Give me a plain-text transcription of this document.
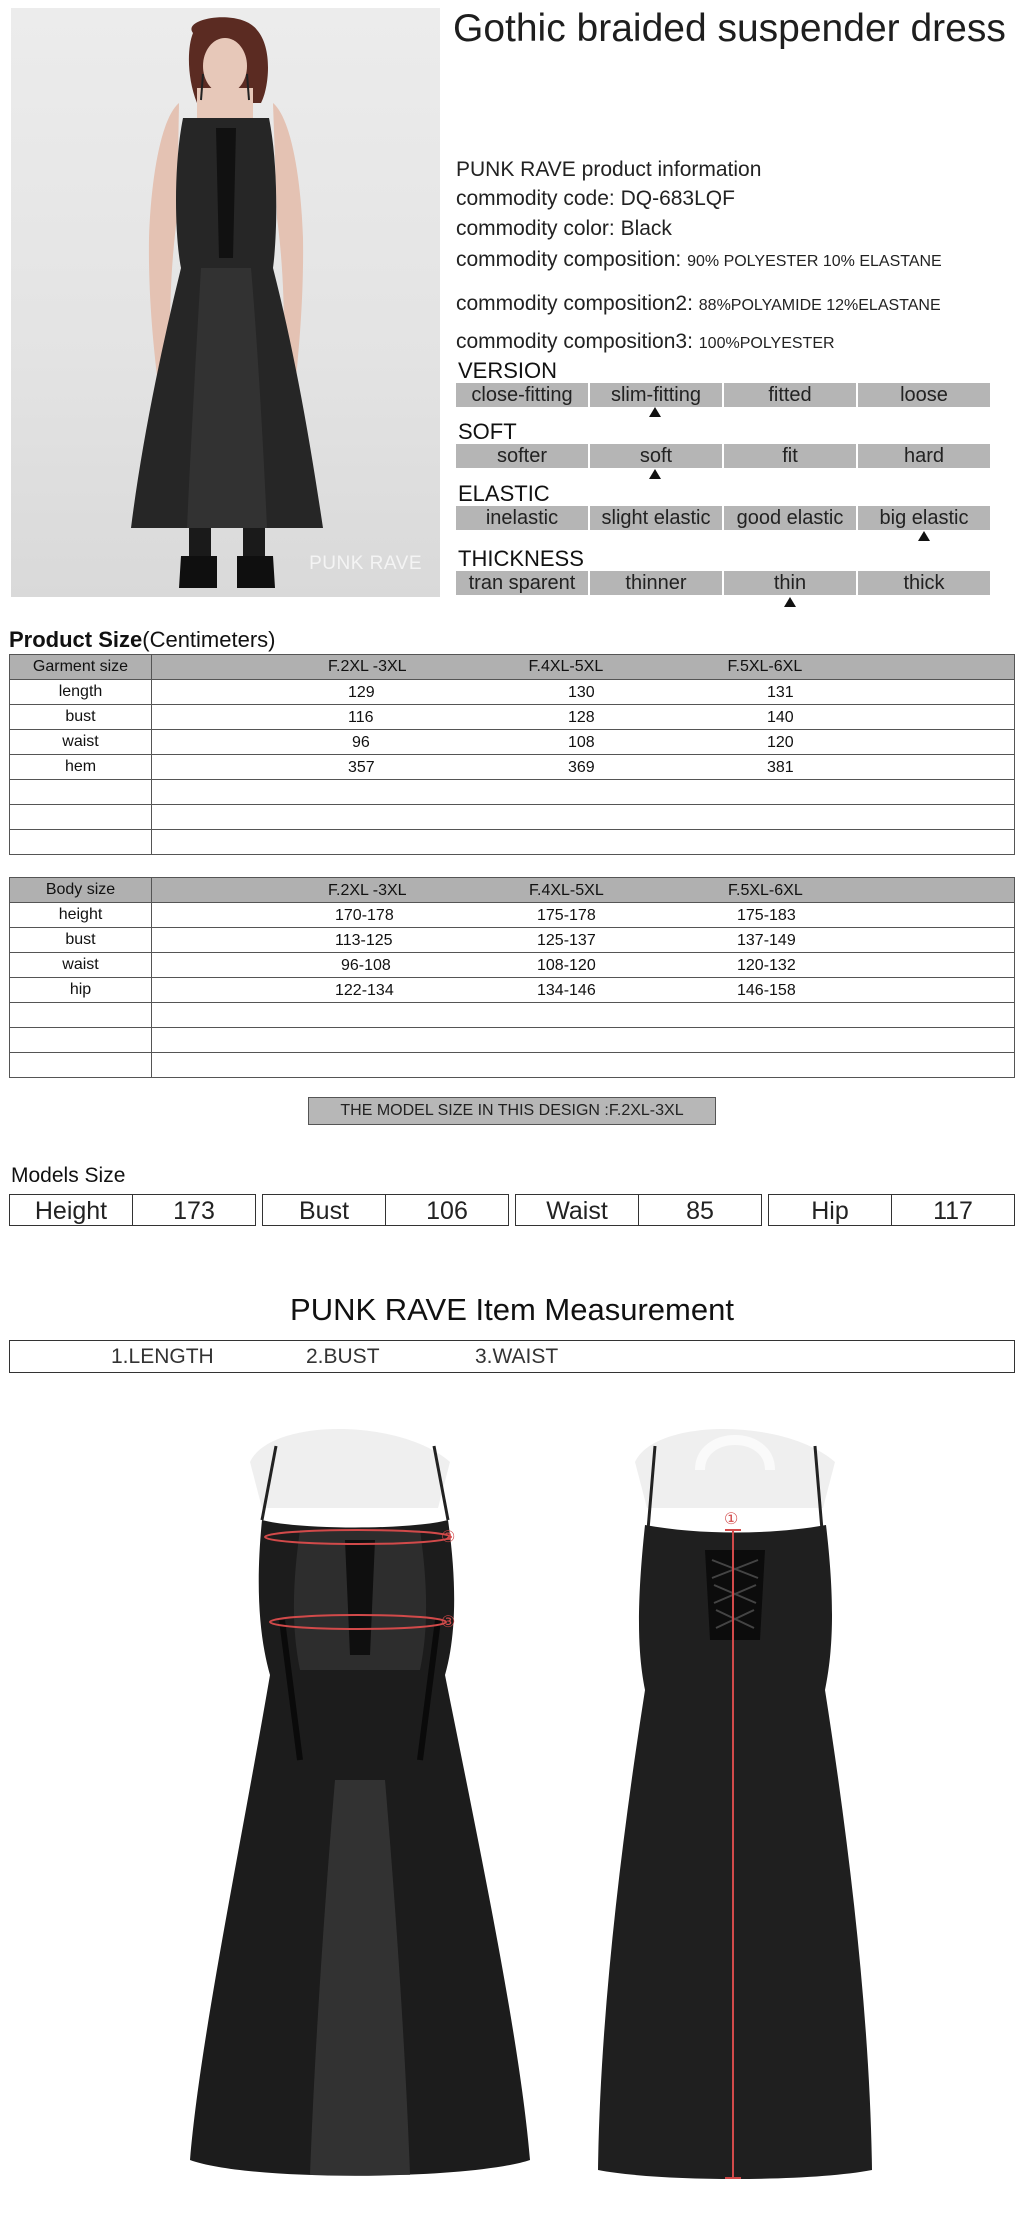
PUNK RAVE
Gothic braided suspender dress
PUNK RAVE product information
commodity code: DQ-683LQF
commodity color: Black
commodity composition: 90% POLYESTER 10% ELASTANE
commodity composition2: 88%POLYAMIDE 12%ELASTANE
commodity composition3: 100%POLYESTER
VERSION
close-fitting	slim-fitting	fitted	loose
SOFT
softer	soft	fit	hard
ELASTIC
inelastic	slight elastic	good elastic	big elastic
THICKNESS
tran sparent	thinner	thin	thick
Product Size(Centimeters)
Garment size	F.2XL -3XL F.4XL-5XL F.5XL-6XL

length	129 130 131

bust	116 128 140

waist	96 108 120

hem	357 369 381

Body size	F.2XL -3XL F.4XL-5XL F.5XL-6XL

height	170-178 175-178 175-183

bust	113-125 125-137 137-149

waist	96-108 108-120 120-132

hip	122-134 134-146 146-158

THE MODEL SIZE IN THIS DESIGN :F.2XL-3XL
Models Size
Height	173	Bust	106	Waist	85	Hip	117
PUNK RAVE Item Measurement
1.LENGTH	2.BUST	3.WAIST
②
③
①
